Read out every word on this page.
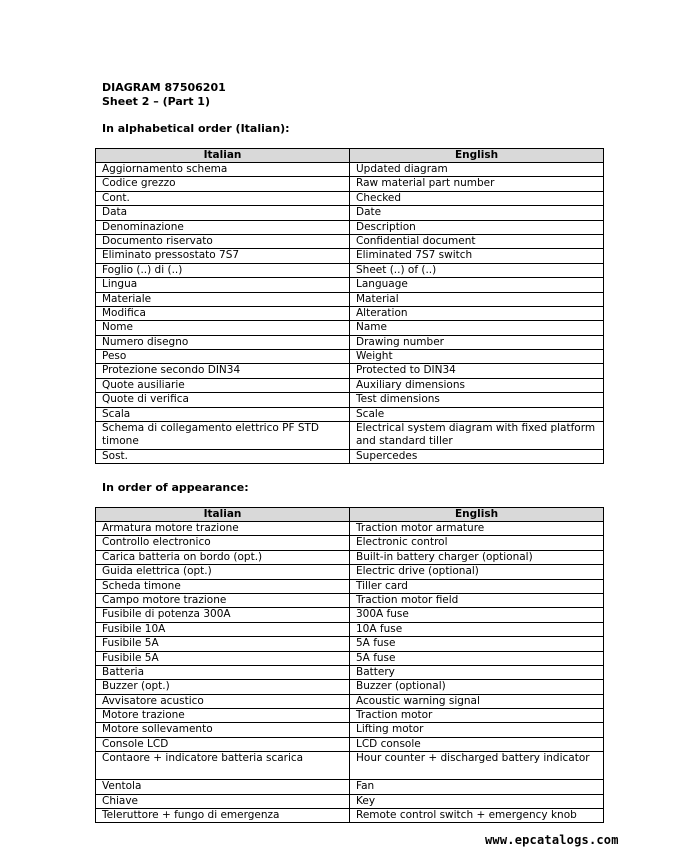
DIAGRAM 87506201
Sheet 2 – (Part 1)
In alphabetical order (Italian):
Italian	English
Aggiornamento schema	Updated diagram
Codice grezzo	Raw material part number
Cont.	Checked
Data	Date
Denominazione	Description
Documento riservato	Confidential document
Eliminato pressostato 7S7	Eliminated 7S7 switch
Foglio (..) di (..)	Sheet (..) of (..)
Lingua	Language
Materiale	Material
Modifica	Alteration
Nome	Name
Numero disegno	Drawing number
Peso	Weight
Protezione secondo DIN34	Protected to DIN34
Quote ausiliarie	Auxiliary dimensions
Quote di verifica	Test dimensions
Scala	Scale
Schema di collegamento elettrico PF STD timone	Electrical system diagram with fixed platform and standard tiller
Sost.	Supercedes
In order of appearance:
Italian	English
Armatura motore trazione	Traction motor armature
Controllo electronico	Electronic control
Carica batteria on bordo (opt.)	Built-in battery charger (optional)
Guida elettrica (opt.)	Electric drive (optional)
Scheda timone	Tiller card
Campo motore trazione	Traction motor field
Fusibile di potenza 300A	300A fuse
Fusibile 10A	10A fuse
Fusibile 5A	5A fuse
Fusibile 5A	5A fuse
Batteria	Battery
Buzzer (opt.)	Buzzer (optional)
Avvisatore acustico	Acoustic warning signal
Motore trazione	Traction motor
Motore sollevamento	Lifting motor
Console LCD	LCD console
Contaore + indicatore batteria scarica	Hour counter + discharged battery indicator
Ventola	Fan
Chiave	Key
Teleruttore + fungo di emergenza	Remote control switch + emergency knob
www.epcatalogs.com
